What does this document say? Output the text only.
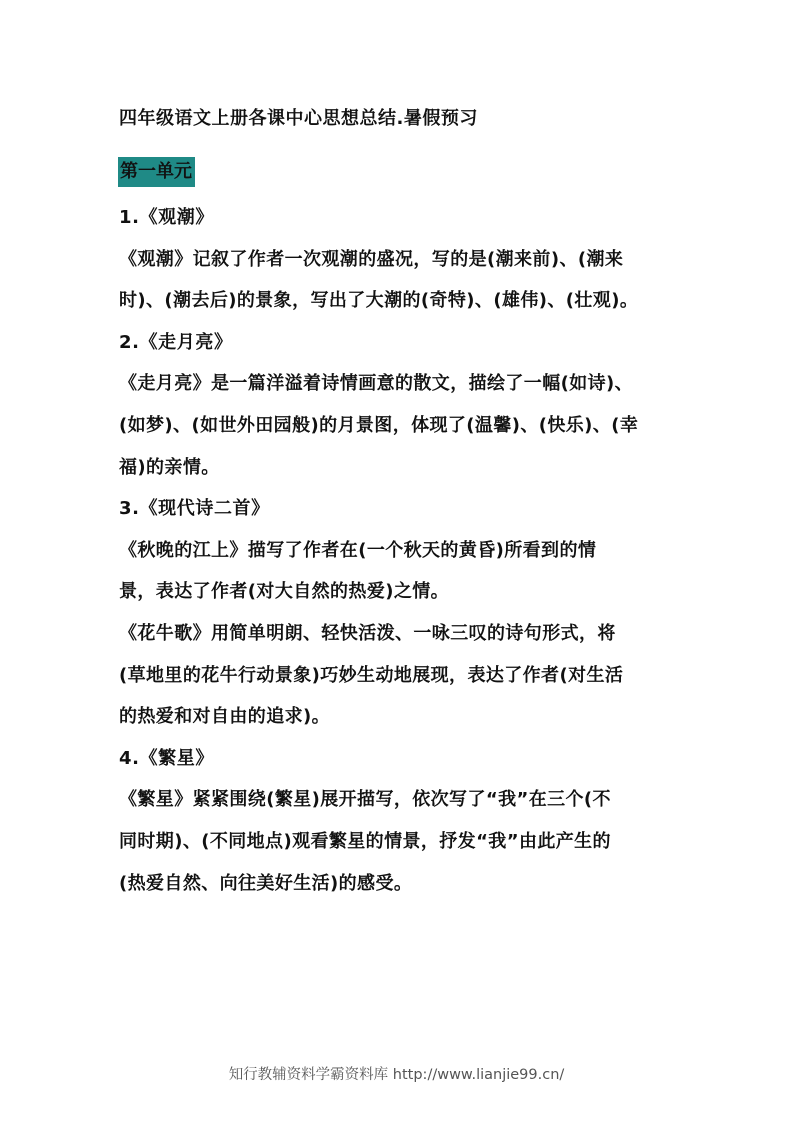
四年级语文上册各课中心思想总结.暑假预习
第一单元
1.《观潮》
《观潮》记叙了作者一次观潮的盛况，写的是(潮来前)、(潮来
时)、(潮去后)的景象，写出了大潮的(奇特)、(雄伟)、(壮观)。
2.《走月亮》
《走月亮》是一篇洋溢着诗情画意的散文，描绘了一幅(如诗)、
(如梦)、(如世外田园般)的月景图，体现了(温馨)、(快乐)、(幸
福)的亲情。
3.《现代诗二首》
《秋晚的江上》描写了作者在(一个秋天的黄昏)所看到的情
景，表达了作者(对大自然的热爱)之情。
《花牛歌》用简单明朗、轻快活泼、一咏三叹的诗句形式，将
(草地里的花牛行动景象)巧妙生动地展现，表达了作者(对生活
的热爱和对自由的追求)。
4.《繁星》
《繁星》紧紧围绕(繁星)展开描写，依次写了“我”在三个(不
同时期)、(不同地点)观看繁星的情景，抒发“我”由此产生的
(热爱自然、向往美好生活)的感受。
知行教辅资料学霸资料库 http://www.lianjie99.cn/
